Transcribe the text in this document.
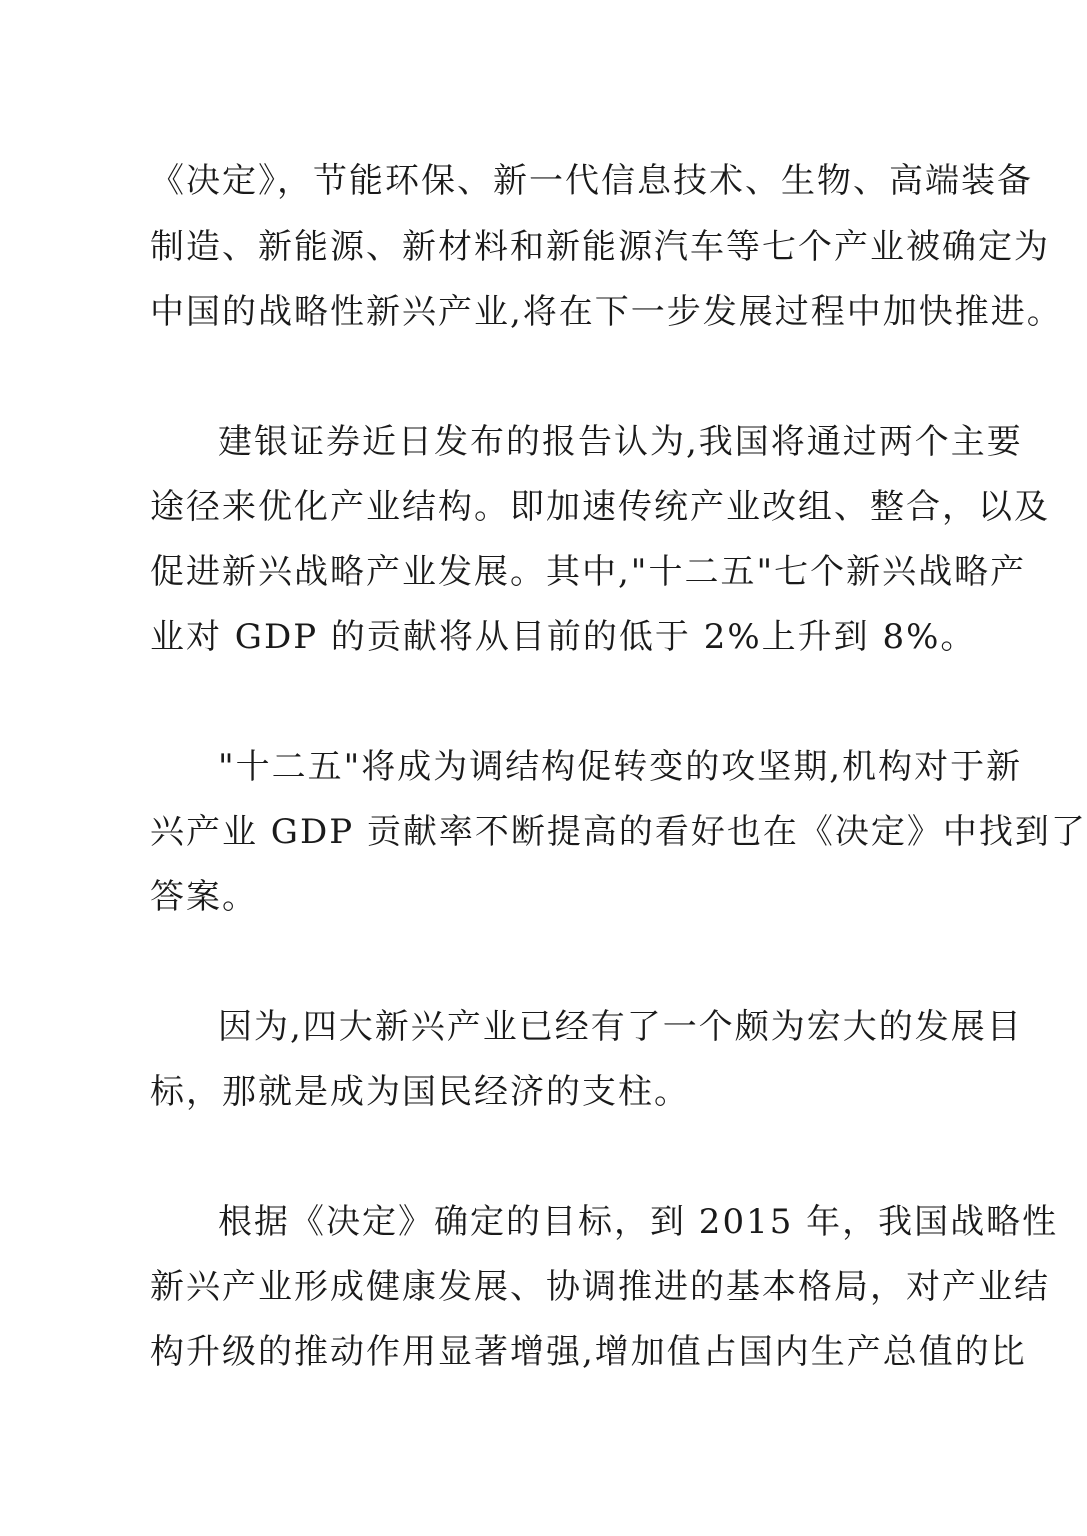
《决定》，节能环保、新一代信息技术、生物、高端装备
制造、新能源、新材料和新能源汽车等七个产业被确定为
中国的战略性新兴产业,将在下一步发展过程中加快推进。
建银证券近日发布的报告认为,我国将通过两个主要
途径来优化产业结构。即加速传统产业改组、整合，以及
促进新兴战略产业发展。其中,"十二五"七个新兴战略产
业对 GDP 的贡献将从目前的低于 2%上升到 8%。
"十二五"将成为调结构促转变的攻坚期,机构对于新
兴产业 GDP 贡献率不断提高的看好也在《决定》中找到了
答案。
因为,四大新兴产业已经有了一个颇为宏大的发展目
标，那就是成为国民经济的支柱。
根据《决定》确定的目标，到 2015 年，我国战略性
新兴产业形成健康发展、协调推进的基本格局，对产业结
构升级的推动作用显著增强,增加值占国内生产总值的比
